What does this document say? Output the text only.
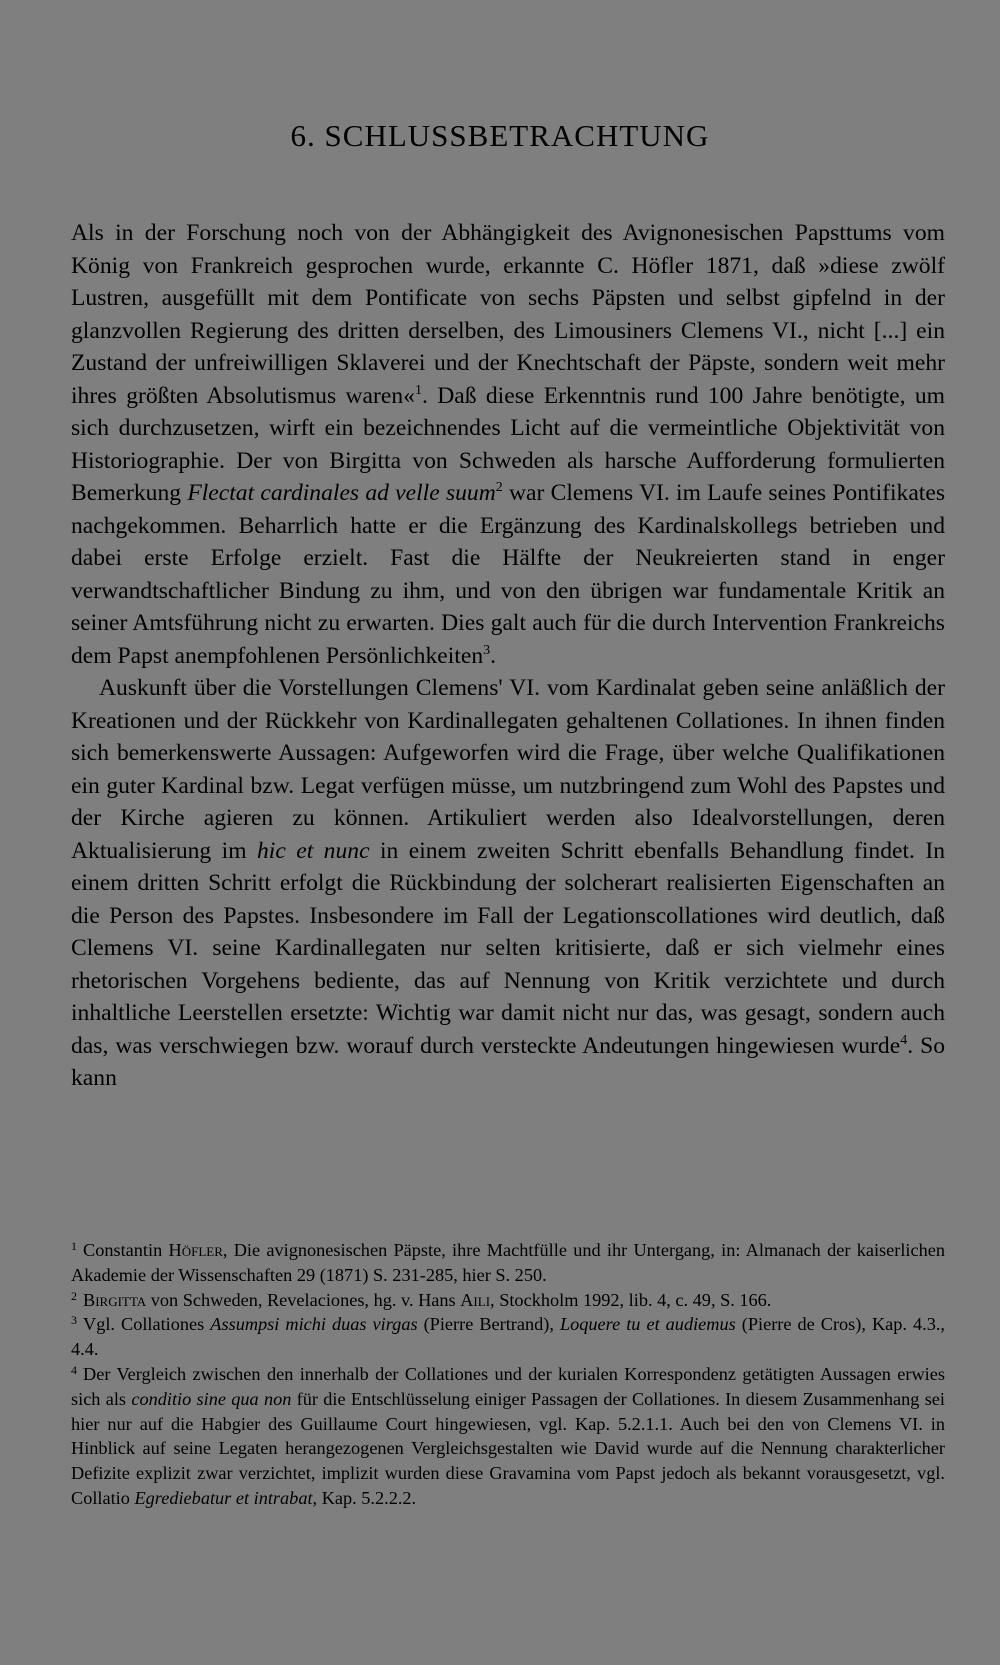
6. SCHLUSSBETRACHTUNG

Als in der Forschung noch von der Abhängigkeit des Avignonesischen Papsttums vom König von Frankreich gesprochen wurde, erkannte C. Höfler 1871, daß »diese zwölf Lustren, ausgefüllt mit dem Pontificate von sechs Päpsten und selbst gipfelnd in der glanzvollen Regierung des dritten derselben, des Limousiners Clemens VI., nicht [...] ein Zustand der unfreiwilligen Sklaverei und der Knechtschaft der Päpste, sondern weit mehr ihres größten Absolutismus waren«$^1$. Daß diese Erkenntnis rund 100 Jahre benötigte, um sich durchzusetzen, wirft ein bezeichnendes Licht auf die vermeintliche Objektivität von Historiographie. Der von Birgitta von Schweden als harsche Aufforderung formulierten Bemerkung Flectat cardinales ad velle suum$^2$ war Clemens VI. im Laufe seines Pontifikates nachgekommen. Beharrlich hatte er die Ergänzung des Kardinalskollegs betrieben und dabei erste Erfolge erzielt. Fast die Hälfte der Neukreierten stand in enger verwandtschaftlicher Bindung zu ihm, und von den übrigen war fundamentale Kritik an seiner Amtsführung nicht zu erwarten. Dies galt auch für die durch Intervention Frankreichs dem Papst anempfohlenen Persönlichkeiten$^3$.

Auskunft über die Vorstellungen Clemens' VI. vom Kardinalat geben seine anläßlich der Kreationen und der Rückkehr von Kardinallegaten gehaltenen Collationes. In ihnen finden sich bemerkenswerte Aussagen: Aufgeworfen wird die Frage, über welche Qualifikationen ein guter Kardinal bzw. Legat verfügen müsse, um nutzbringend zum Wohl des Papstes und der Kirche agieren zu können. Artikuliert werden also Idealvorstellungen, deren Aktualisierung im hic et nunc in einem zweiten Schritt ebenfalls Behandlung findet. In einem dritten Schritt erfolgt die Rückbindung der solcherart realisierten Eigenschaften an die Person des Papstes. Insbesondere im Fall der Legationscollationes wird deutlich, daß Clemens VI. seine Kardinallegaten nur selten kritisierte, daß er sich vielmehr eines rhetorischen Vorgehens bediente, das auf Nennung von Kritik verzichtete und durch inhaltliche Leerstellen ersetzte: Wichtig war damit nicht nur das, was gesagt, sondern auch das, was verschwiegen bzw. worauf durch versteckte Andeutungen hingewiesen wurde$^4$. So kann

$^1$ Constantin Höfler, Die avignonesischen Päpste, ihre Machtfülle und ihr Untergang, in: Almanach der kaiserlichen Akademie der Wissenschaften 29 (1871) S. 231-285, hier S. 250.

$^2$ Birgitta von Schweden, Revelaciones, hg. v. Hans Aili, Stockholm 1992, lib. 4, c. 49, S. 166.

$^3$ Vgl. Collationes Assumpsi michi duas virgas (Pierre Bertrand), Loquere tu et audiemus (Pierre de Cros), Kap. 4.3., 4.4.

$^4$ Der Vergleich zwischen den innerhalb der Collationes und der kurialen Korrespondenz getätigten Aussagen erwies sich als conditio sine qua non für die Entschlüsselung einiger Passagen der Collationes. In diesem Zusammenhang sei hier nur auf die Habgier des Guillaume Court hingewiesen, vgl. Kap. 5.2.1.1. Auch bei den von Clemens VI. in Hinblick auf seine Legaten herangezogenen Vergleichsgestalten wie David wurde auf die Nennung charakterlicher Defizite explizit zwar verzichtet, implizit wurden diese Gravamina vom Papst jedoch als bekannt vorausgesetzt, vgl. Collatio Egrediebatur et intrabat, Kap. 5.2.2.2.
